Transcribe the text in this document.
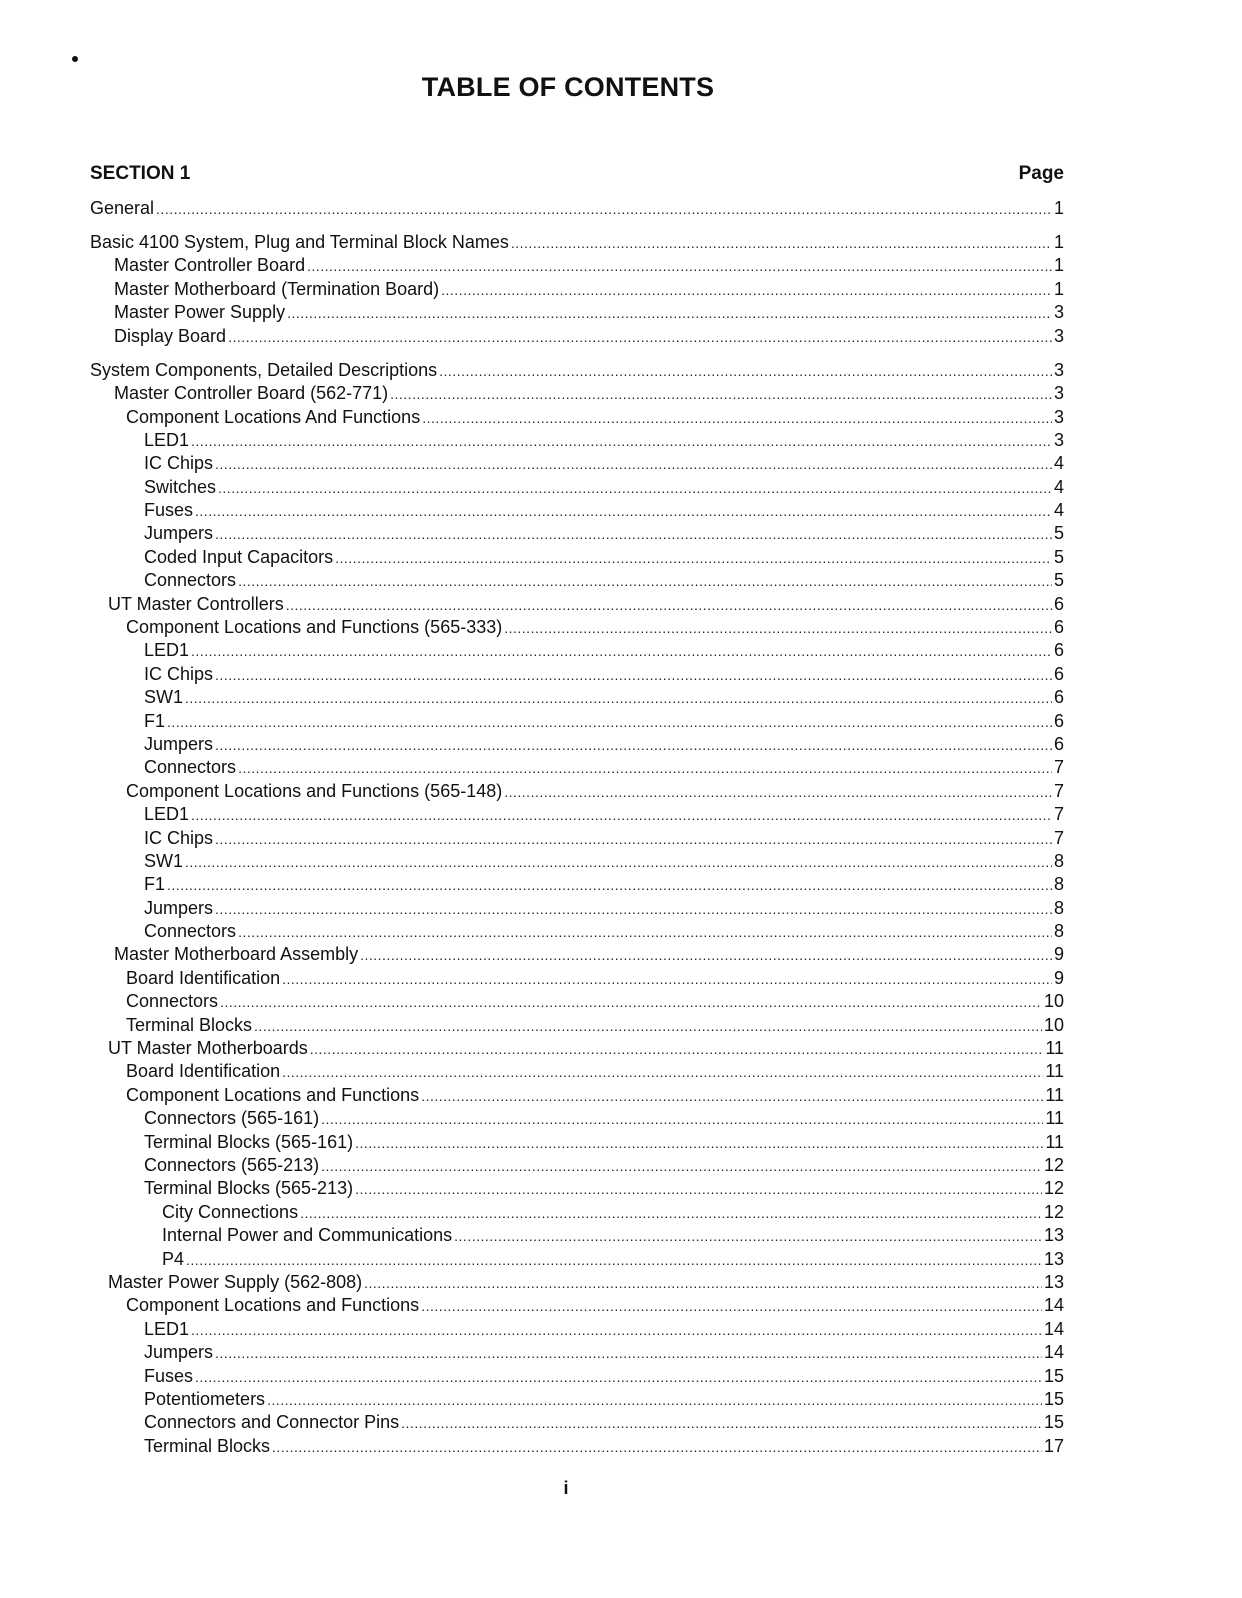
TABLE OF CONTENTS
SECTION 1	Page
General .....	1
Basic 4100 System, Plug and Terminal Block Names .....	1
Master Controller Board .....	1
Master Motherboard (Termination Board) .....	1
Master Power Supply .....	3
Display Board .....	3
System Components, Detailed Descriptions .....	3
Master Controller Board (562-771) .....	3
Component Locations And Functions .....	3
LED1 .....	3
IC Chips .....	4
Switches .....	4
Fuses .....	4
Jumpers .....	5
Coded Input Capacitors .....	5
Connectors .....	5
UT Master Controllers .....	6
Component Locations and Functions (565-333) .....	6
LED1 .....	6
IC Chips .....	6
SW1 .....	6
F1 .....	6
Jumpers .....	6
Connectors .....	7
Component Locations and Functions (565-148) .....	7
LED1 .....	7
IC Chips .....	7
SW1 .....	8
F1 .....	8
Jumpers .....	8
Connectors .....	8
Master Motherboard Assembly .....	9
Board Identification .....	9
Connectors .....	10
Terminal Blocks .....	10
UT Master Motherboards .....	11
Board Identification .....	11
Component Locations and Functions .....	11
Connectors (565-161) .....	11
Terminal Blocks (565-161) .....	11
Connectors (565-213) .....	12
Terminal Blocks (565-213) .....	12
City Connections .....	12
Internal Power and Communications .....	13
P4 .....	13
Master Power Supply (562-808) .....	13
Component Locations and Functions .....	14
LED1 .....	14
Jumpers .....	14
Fuses .....	15
Potentiometers .....	15
Connectors and Connector Pins .....	15
Terminal Blocks .....	17
i
